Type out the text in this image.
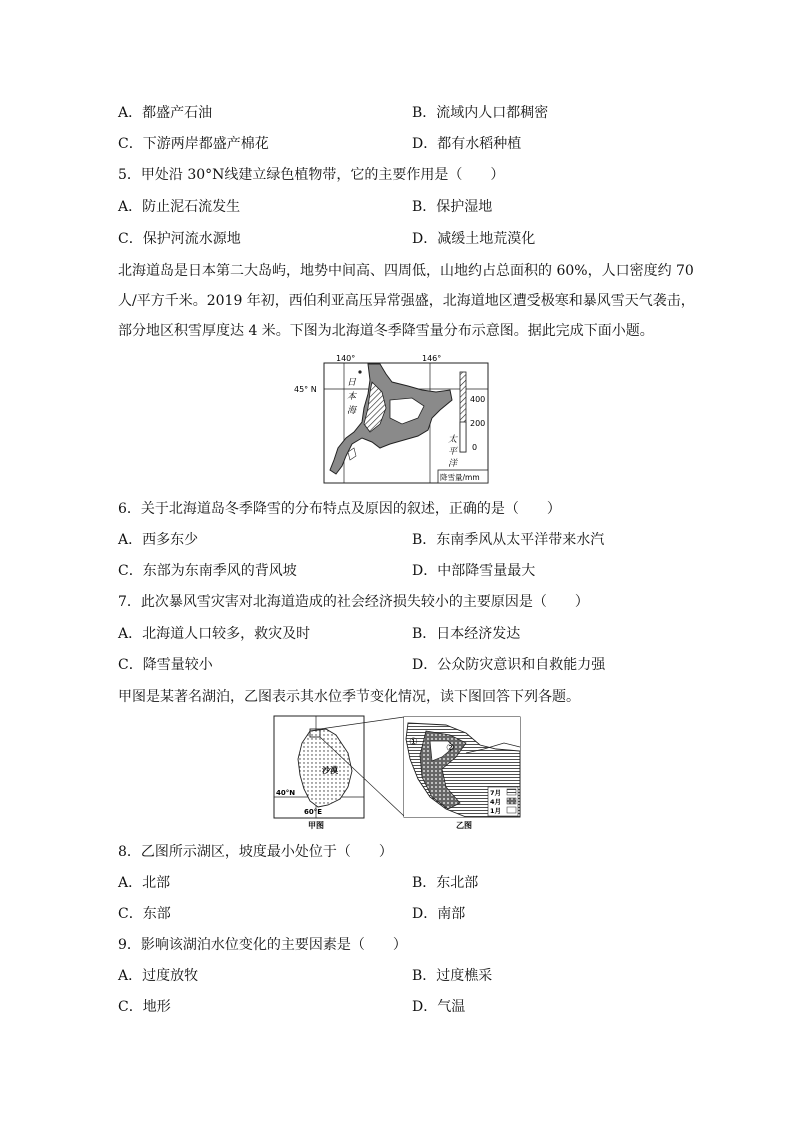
A．都盛产石油	B．流域内人口都稠密
C．下游两岸都盛产棉花	D．都有水稻种植
5．甲处沿 30°N线建立绿色植物带，它的主要作用是（　　）
A．防止泥石流发生	B．保护湿地
C．保护河流水源地	D．减缓土地荒漠化
北海道岛是日本第二大岛屿，地势中间高、四周低，山地约占总面积的 60%，人口密度约 70
人/平方千米。2019 年初，西伯利亚高压异常强盛，北海道地区遭受极寒和暴风雪天气袭击，
部分地区积雪厚度达 4 米。下图为北海道冬季降雪量分布示意图。据此完成下面小题。
140°	146°
45° N
日
本
海
太
平
洋
400
200
0
降雪量/mm
6．关于北海道岛冬季降雪的分布特点及原因的叙述，正确的是（　　）
A．西多东少	B．东南季风从太平洋带来水汽
C．东部为东南季风的背风坡	D．中部降雪量最大
7．此次暴风雪灾害对北海道造成的社会经济损失较小的主要原因是（　　）
A．北海道人口较多，救灾及时	B．日本经济发达
C．降雪量较小	D．公众防灾意识和自救能力强
甲图是某著名湖泊，乙图表示其水位季节变化情况，读下图回答下列各题。
沙漠
40°N
60°E
甲图
①
②
7月
4月
1月
乙图
8．乙图所示湖区，坡度最小处位于（　　）
A．北部	B．东北部
C．东部	D．南部
9．影响该湖泊水位变化的主要因素是（　　）
A．过度放牧	B．过度樵采
C．地形	D．气温
